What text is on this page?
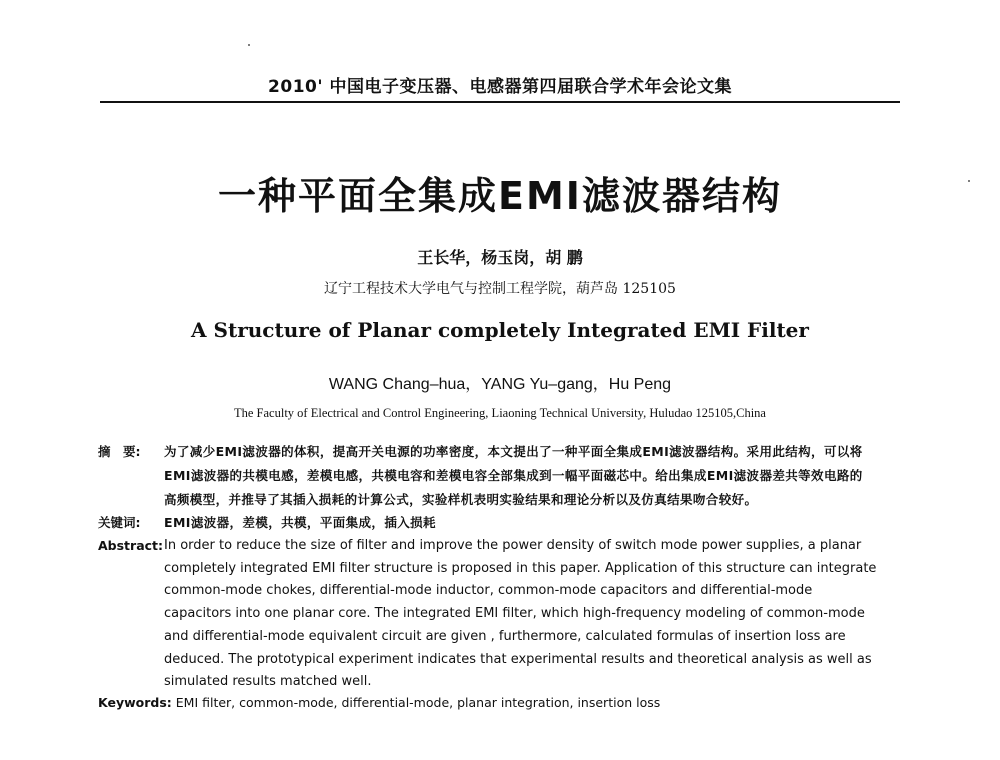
2010' 中国电子变压器、电感器第四届联合学术年会论文集
一种平面全集成EMI滤波器结构
王长华，杨玉岗，胡 鹏
辽宁工程技术大学电气与控制工程学院，葫芦岛 125105
A Structure of Planar completely Integrated EMI Filter
WANG Chang–hua，YANG Yu–gang，Hu Peng
The Faculty of Electrical and Control Engineering, Liaoning Technical University, Huludao 125105,China
摘　要: 为了减少EMI滤波器的体积，提高开关电源的功率密度，本文提出了一种平面全集成EMI滤波器结构。采用此结构，可以将
EMI滤波器的共模电感，差模电感，共模电容和差模电容全部集成到一幅平面磁芯中。给出集成EMI滤波器差共等效电路的
高频模型，并推导了其插入损耗的计算公式，实验样机表明实验结果和理论分析以及仿真结果吻合较好。
关键词: EMI滤波器，差模，共模，平面集成，插入损耗
Abstract: In order to reduce the size of filter and improve the power density of switch mode power supplies, a planar
completely integrated EMI filter structure is proposed in this paper. Application of this structure can integrate
common-mode chokes, differential-mode inductor, common-mode capacitors and differential-mode
capacitors into one planar core. The integrated EMI filter, which high-frequency modeling of common-mode
and differential-mode equivalent circuit are given , furthermore, calculated formulas of insertion loss are
deduced. The prototypical experiment indicates that experimental results and theoretical analysis as well as
simulated results matched well.
Keywords: EMI filter, common-mode, differential-mode, planar integration, insertion loss
